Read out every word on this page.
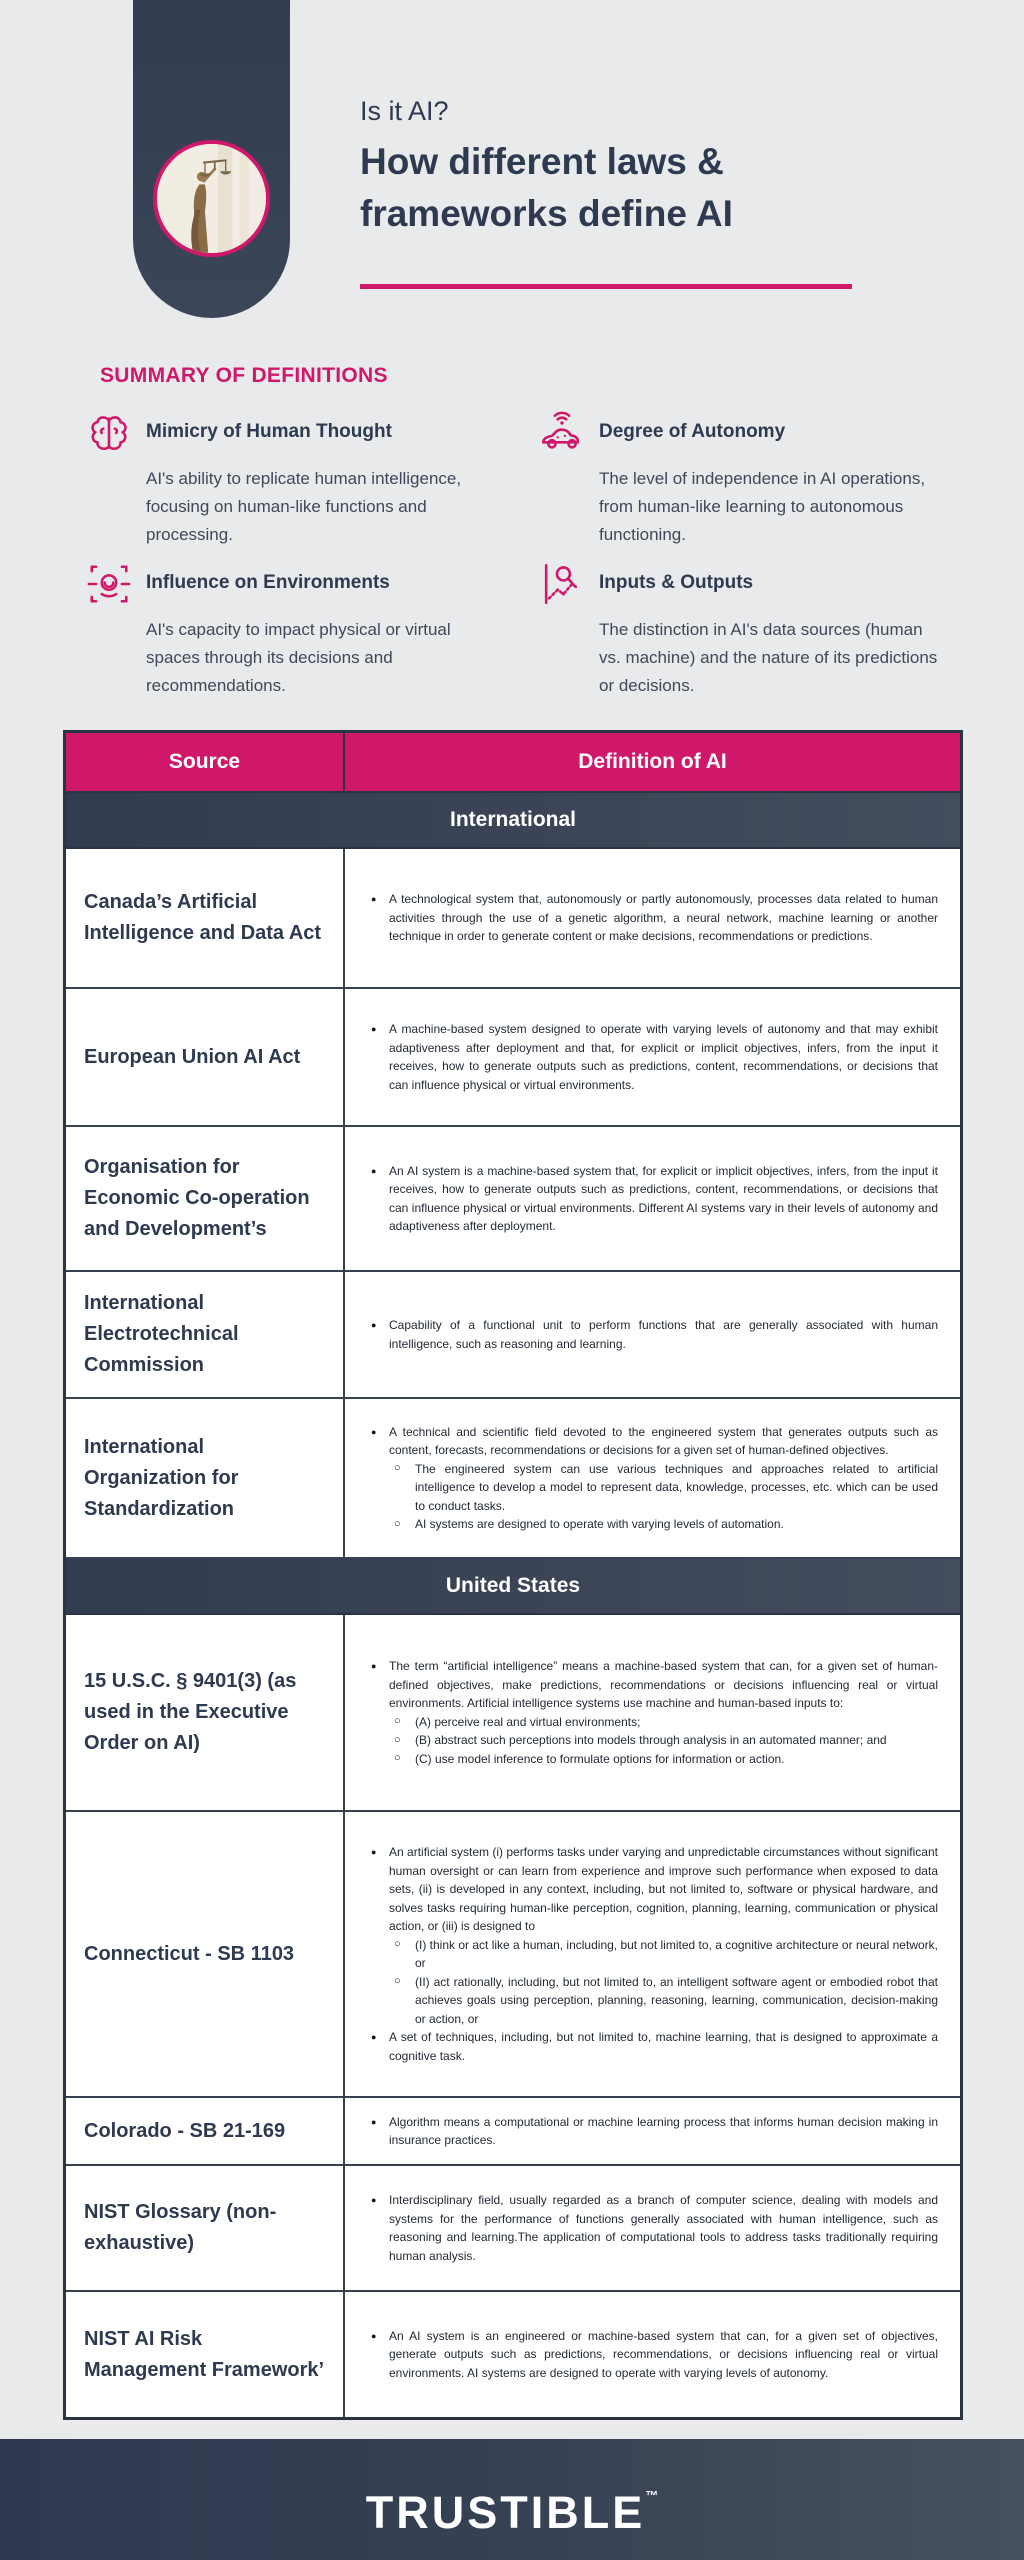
Is it AI?
How different laws &
frameworks define AI
SUMMARY OF DEFINITIONS
Mimicry of Human Thought
AI's ability to replicate human intelligence, focusing on human-like functions and processing.
Degree of Autonomy
The level of independence in AI operations, from human-like learning to autonomous functioning.
Influence on Environments
AI's capacity to impact physical or virtual spaces through its decisions and recommendations.
Inputs & Outputs
The distinction in AI's data sources (human vs. machine) and the nature of its predictions or decisions.
Source	Definition of AI
International
Canada’s Artificial Intelligence and Data Act
● A technological system that, autonomously or partly autonomously, processes data related to human activities through the use of a genetic algorithm, a neural network, machine learning or another technique in order to generate content or make decisions, recommendations or predictions.
European Union AI Act
● A machine-based system designed to operate with varying levels of autonomy and that may exhibit adaptiveness after deployment and that, for explicit or implicit objectives, infers, from the input it receives, how to generate outputs such as predictions, content, recommendations, or decisions that can influence physical or virtual environments.
Organisation for Economic Co-operation and Development’s
● An AI system is a machine-based system that, for explicit or implicit objectives, infers, from the input it receives, how to generate outputs such as predictions, content, recommendations, or decisions that can influence physical or virtual environments. Different AI systems vary in their levels of autonomy and adaptiveness after deployment.
International Electrotechnical Commission
● Capability of a functional unit to perform functions that are generally associated with human intelligence, such as reasoning and learning.
International Organization for Standardization
● A technical and scientific field devoted to the engineered system that generates outputs such as content, forecasts, recommendations or decisions for a given set of human-defined objectives.
○ The engineered system can use various techniques and approaches related to artificial intelligence to develop a model to represent data, knowledge, processes, etc. which can be used to conduct tasks.
○ AI systems are designed to operate with varying levels of automation.
United States
15 U.S.C. § 9401(3) (as used in the Executive Order on AI)
● The term “artificial intelligence” means a machine-based system that can, for a given set of human-defined objectives, make predictions, recommendations or decisions influencing real or virtual environments. Artificial intelligence systems use machine and human-based inputs to:
○ (A) perceive real and virtual environments;
○ (B) abstract such perceptions into models through analysis in an automated manner; and
○ (C) use model inference to formulate options for information or action.
Connecticut - SB 1103
● An artificial system (i) performs tasks under varying and unpredictable circumstances without significant human oversight or can learn from experience and improve such performance when exposed to data sets, (ii) is developed in any context, including, but not limited to, software or physical hardware, and solves tasks requiring human-like perception, cognition, planning, learning, communication or physical action, or (iii) is designed to
○ (I) think or act like a human, including, but not limited to, a cognitive architecture or neural network, or
○ (II) act rationally, including, but not limited to, an intelligent software agent or embodied robot that achieves goals using perception, planning, reasoning, learning, communication, decision-making or action, or
● A set of techniques, including, but not limited to, machine learning, that is designed to approximate a cognitive task.
Colorado - SB 21-169	● Algorithm means a computational or machine learning process that informs human decision making in insurance practices.
NIST Glossary (non-exhaustive)
● Interdisciplinary field, usually regarded as a branch of computer science, dealing with models and systems for the performance of functions generally associated with human intelligence, such as reasoning and learning.The application of computational tools to address tasks traditionally requiring human analysis.
NIST AI Risk Management Framework’
● An AI system is an engineered or machine-based system that can, for a given set of objectives, generate outputs such as predictions, recommendations, or decisions influencing real or virtual environments. AI systems are designed to operate with varying levels of autonomy.
TRUSTIBLE™
